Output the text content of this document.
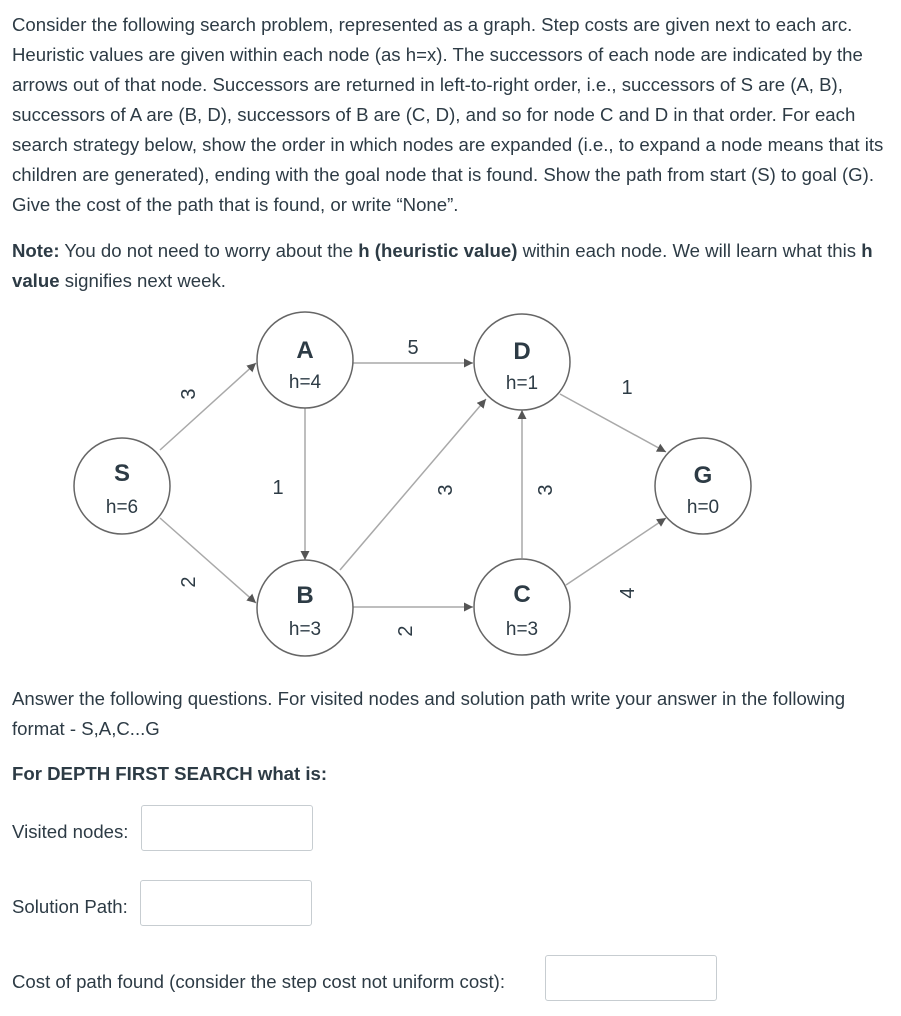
Consider the following search problem, represented as a graph. Step costs are given next to each arc. Heuristic values are given within each node (as h=x). The successors of each node are indicated by the arrows out of that node. Successors are returned in left-to-right order, i.e., successors of S are (A, B), successors of A are (B, D), successors of B are (C, D), and so for node C and D in that order. For each search strategy below, show the order in which nodes are expanded (i.e., to expand a node means that its children are generated), ending with the goal node that is found. Show the path from start (S) to goal (G). Give the cost of the path that is found, or write “None”.

Note: You do not need to worry about the h (heuristic value) within each node. We will learn what this h value signifies next week.

3
2
1
5
3
2
3
1
4
S
h=6
A
h=4
B
h=3
D
h=1
C
h=3
G
h=0

Answer the following questions. For visited nodes and solution path write your answer in the following format - S,A,C...G

For DEPTH FIRST SEARCH what is:

Visited nodes:
Solution Path:
Cost of path found (consider the step cost not uniform cost):
